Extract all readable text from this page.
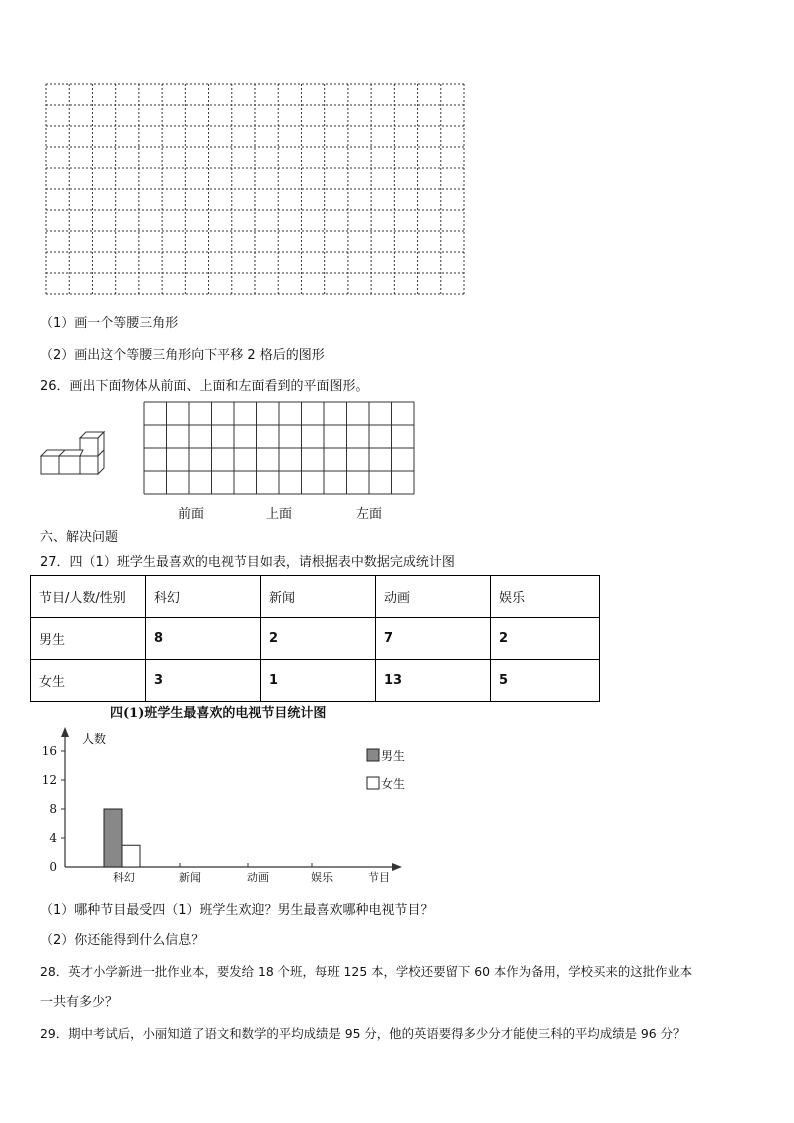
（1）画一个等腰三角形
（2）画出这个等腰三角形向下平移 2 格后的图形
26．画出下面物体从前面、上面和左面看到的平面图形。
前面	上面	左面
六、解决问题
27．四（1）班学生最喜欢的电视节目如表，请根据表中数据完成统计图
节目/人数/性别	科幻	新闻	动画	娱乐
男生	8	2	7	2
女生	3	1	13	5
四(1)班学生最喜欢的电视节目统计图
人数
节目
0
4
8
12
16
科幻	新闻	动画	娱乐
男生
女生
（1）哪种节目最受四（1）班学生欢迎？男生最喜欢哪种电视节目？
（2）你还能得到什么信息？
28．英才小学新进一批作业本，要发给 18 个班，每班 125 本，学校还要留下 60 本作为备用，学校买来的这批作业本
一共有多少？
29．期中考试后，小丽知道了语文和数学的平均成绩是 95 分，他的英语要得多少分才能使三科的平均成绩是 96 分？
